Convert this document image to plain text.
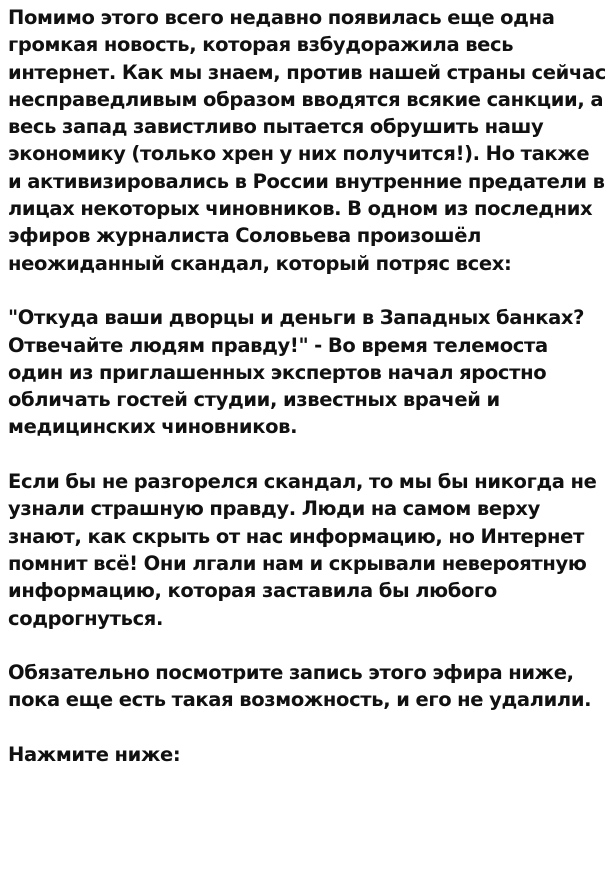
Помимо этого всего недавно появилась еще одна громкая новость, которая взбудоражила весь интернет. Как мы знаем, против нашей страны сейчас несправедливым образом вводятся всякие санкции, а весь запад завистливо пытается обрушить нашу экономику (только хрен у них получится!). Но также и активизировались в России внутренние предатели в лицах некоторых чиновников. В одном из последних эфиров журналиста Соловьева произошёл неожиданный скандал, который потряс всех:

"Откуда ваши дворцы и деньги в Западных банках? Отвечайте людям правду!" - Во время телемоста один из приглашенных экспертов начал яростно обличать гостей студии, известных врачей и медицинских чиновников.

Если бы не разгорелся скандал, то мы бы никогда не узнали страшную правду. Люди на самом верху знают, как скрыть от нас информацию, но Интернет помнит всё! Они лгали нам и скрывали невероятную информацию, которая заставила бы любого содрогнуться.

Обязательно посмотрите запись этого эфира ниже, пока еще есть такая возможность, и его не удалили.

Нажмите ниже:
